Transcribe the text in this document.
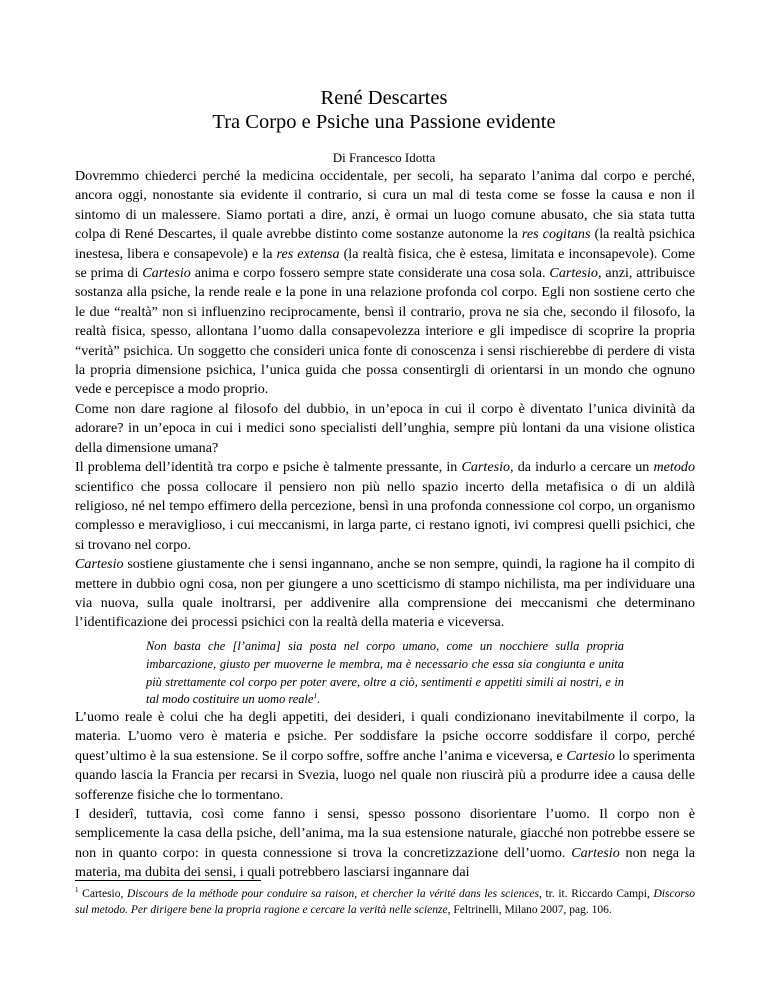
René Descartes
Tra Corpo e Psiche una Passione evidente
Di Francesco Idotta

Dovremmo chiederci perché la medicina occidentale, per secoli, ha separato l’anima dal corpo e perché, ancora oggi, nonostante sia evidente il contrario, si cura un mal di testa come se fosse la causa e non il sintomo di un malessere. Siamo portati a dire, anzi, è ormai un luogo comune abusato, che sia stata tutta colpa di René Descartes, il quale avrebbe distinto come sostanze autonome la res cogitans (la realtà psichica inestesa, libera e consapevole) e la res extensa (la realtà fisica, che è estesa, limitata e inconsapevole). Come se prima di Cartesio anima e corpo fossero sempre state considerate una cosa sola. Cartesio, anzi, attribuisce sostanza alla psiche, la rende reale e la pone in una relazione profonda col corpo. Egli non sostiene certo che le due “realtà” non si influenzino reciprocamente, bensì il contrario, prova ne sia che, secondo il filosofo, la realtà fisica, spesso, allontana l’uomo dalla consapevolezza interiore e gli impedisce di scoprire la propria “verità” psichica. Un soggetto che consideri unica fonte di conoscenza i sensi rischierebbe di perdere di vista la propria dimensione psichica, l’unica guida che possa consentirgli di orientarsi in un mondo che ognuno vede e percepisce a modo proprio.

Come non dare ragione al filosofo del dubbio, in un’epoca in cui il corpo è diventato l’unica divinità da adorare? in un’epoca in cui i medici sono specialisti dell’unghia, sempre più lontani da una visione olistica della dimensione umana?

Il problema dell’identità tra corpo e psiche è talmente pressante, in Cartesio, da indurlo a cercare un metodo scientifico che possa collocare il pensiero non più nello spazio incerto della metafisica o di un aldilà religioso, né nel tempo effimero della percezione, bensì in una profonda connessione col corpo, un organismo complesso e meraviglioso, i cui meccanismi, in larga parte, ci restano ignoti, ivi compresi quelli psichici, che si trovano nel corpo.

Cartesio sostiene giustamente che i sensi ingannano, anche se non sempre, quindi, la ragione ha il compito di mettere in dubbio ogni cosa, non per giungere a uno scetticismo di stampo nichilista, ma per individuare una via nuova, sulla quale inoltrarsi, per addivenire alla comprensione dei meccanismi che determinano l’identificazione dei processi psichici con la realtà della materia e viceversa.

Non basta che [l’anima] sia posta nel corpo umano, come un nocchiere sulla propria imbarcazione, giusto per muoverne le membra, ma è necessario che essa sia congiunta e unita più strettamente col corpo per poter avere, oltre a ciò, sentimenti e appetiti simili ai nostri, e in tal modo costituire un uomo reale$^1$.

L’uomo reale è colui che ha degli appetiti, dei desideri, i quali condizionano inevitabilmente il corpo, la materia. L’uomo vero è materia e psiche. Per soddisfare la psiche occorre soddisfare il corpo, perché quest’ultimo è la sua estensione. Se il corpo soffre, soffre anche l’anima e viceversa, e Cartesio lo sperimenta quando lascia la Francia per recarsi in Svezia, luogo nel quale non riuscirà più a produrre idee a causa delle sofferenze fisiche che lo tormentano.

I desiderî, tuttavia, così come fanno i sensi, spesso possono disorientare l’uomo. Il corpo non è semplicemente la casa della psiche, dell’anima, ma la sua estensione naturale, giacché non potrebbe essere se non in quanto corpo: in questa connessione si trova la concretizzazione dell’uomo. Cartesio non nega la materia, ma dubita dei sensi, i quali potrebbero lasciarsi ingannare dai

$^1$ Cartesio, Discours de la méthode pour conduire sa raison, et chercher la vérité dans les sciences, tr. it. Riccardo Campi, Discorso sul metodo. Per dirigere bene la propria ragione e cercare la verità nelle scienze, Feltrinelli, Milano 2007, pag. 106.
